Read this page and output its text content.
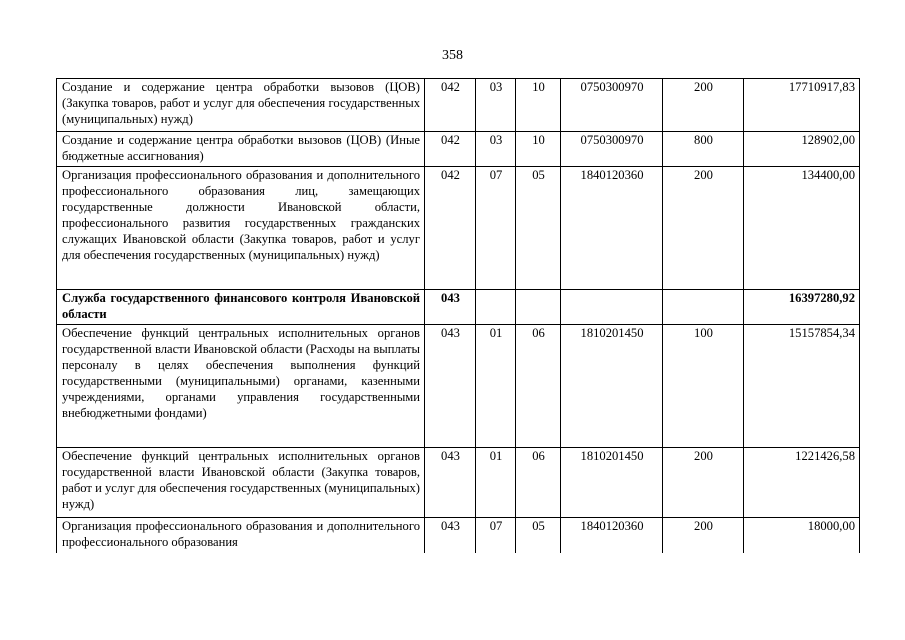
358
Создание и содержание центра обработки вызовов (ЦОВ) (Закупка товаров, работ и услуг для обеспечения государственных (муниципальных) нужд)	042	03	10	0750300970	200	17710917,83
Создание и содержание центра обработки вызовов (ЦОВ) (Иные бюджетные ассигнования)	042	03	10	0750300970	800	128902,00
Организация профессионального образования и дополнительного профессионального образования лиц, замещающих государственные должности Ивановской области, профессионального развития государственных гражданских служащих Ивановской области (Закупка товаров, работ и услуг для обеспечения государственных (муниципальных) нужд)	042	07	05	1840120360	200	134400,00
Служба государственного финансового контроля Ивановской области	043					16397280,92
Обеспечение функций центральных исполнительных органов государственной власти Ивановской области (Расходы на выплаты персоналу в целях обеспечения выполнения функций государственными (муниципальными) органами, казенными учреждениями, органами управления государственными внебюджетными фондами)	043	01	06	1810201450	100	15157854,34
Обеспечение функций центральных исполнительных органов государственной власти Ивановской области (Закупка товаров, работ и услуг для обеспечения государственных (муниципальных) нужд)	043	01	06	1810201450	200	1221426,58
Организация профессионального образования и дополнительного профессионального образования	043	07	05	1840120360	200	18000,00
